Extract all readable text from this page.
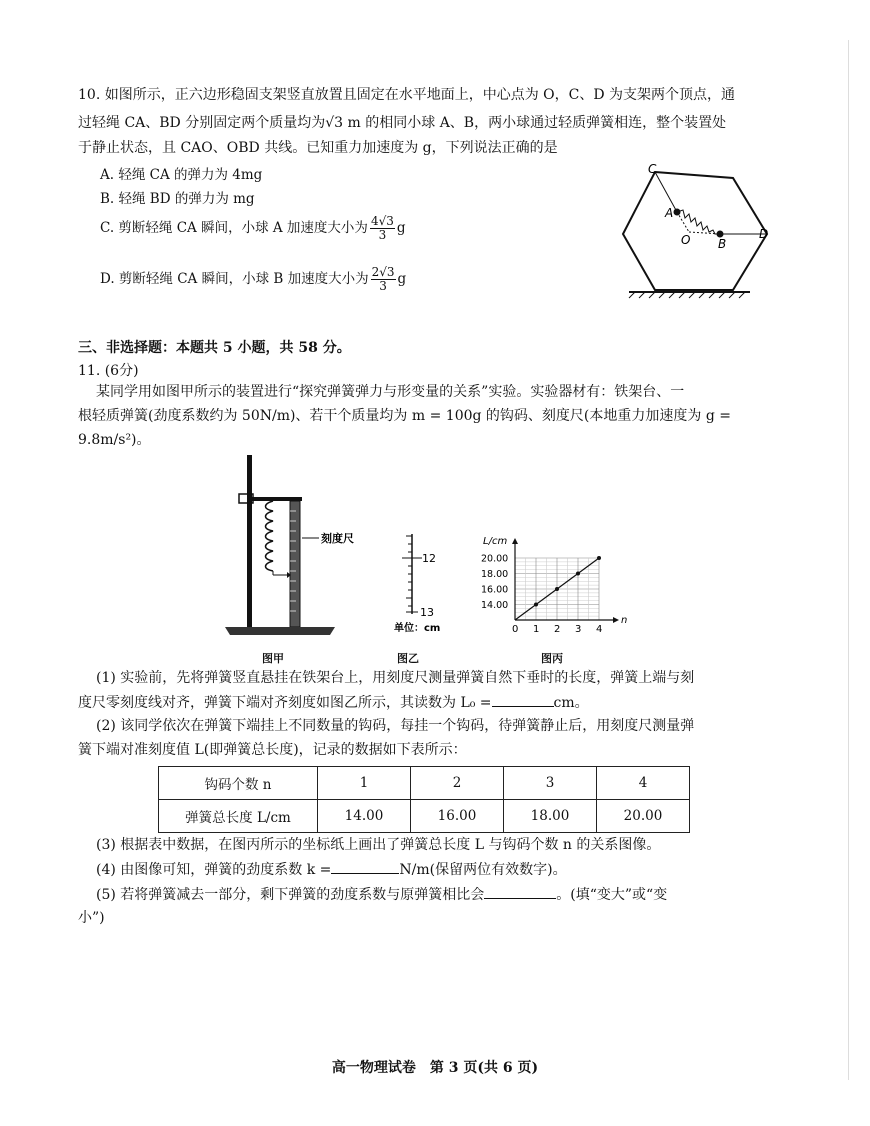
10. 如图所示，正六边形稳固支架竖直放置且固定在水平地面上，中心点为 O，C、D 为支架两个顶点，通
过轻绳 CA、BD 分别固定两个质量均为√3 m 的相同小球 A、B，两小球通过轻质弹簧相连，整个装置处
于静止状态，且 CAO、OBD 共线。已知重力加速度为 g，下列说法正确的是
A. 轻绳 CA 的弹力为 4mg
B. 轻绳 BD 的弹力为 mg
C. 剪断轻绳 CA 瞬间，小球 A 加速度大小为 $\frac{4√3}{3}$ g
D. 剪断轻绳 CA 瞬间，小球 B 加速度大小为 $\frac{2√3}{3}$ g
C
A
O B
D
三、非选择题：本题共 5 小题，共 58 分。
11. (6分)
某同学用如图甲所示的装置进行“探究弹簧弹力与形变量的关系”实验。实验器材有：铁架台、一
根轻质弹簧(劲度系数约为 50N/m)、若干个质量均为 m = 100g 的钩码、刻度尺(本地重力加速度为 g =
9.8m/s²)。
刻度尺
12
13
单位：cm
L/cm
n
0 1 2 3 4
14.00
16.00
18.00
20.00
图甲	图乙	图丙
(1) 实验前，先将弹簧竖直悬挂在铁架台上，用刻度尺测量弹簧自然下垂时的长度，弹簧上端与刻
度尺零刻度线对齐，弹簧下端对齐刻度如图乙所示，其读数为 L₀ =	cm。
(2) 该同学依次在弹簧下端挂上不同数量的钩码，每挂一个钩码，待弹簧静止后，用刻度尺测量弹
簧下端对准刻度值 L(即弹簧总长度)，记录的数据如下表所示：
钩码个数 n	1	2	3	4
弹簧总长度 L/cm	14.00	16.00	18.00	20.00
(3) 根据表中数据，在图丙所示的坐标纸上画出了弹簧总长度 L 与钩码个数 n 的关系图像。
(4) 由图像可知，弹簧的劲度系数 k =	N/m(保留两位有效数字)。
(5) 若将弹簧减去一部分，剩下弹簧的劲度系数与原弹簧相比会	。(填“变大”或“变
小”)
高一物理试卷　第 3 页(共 6 页)
